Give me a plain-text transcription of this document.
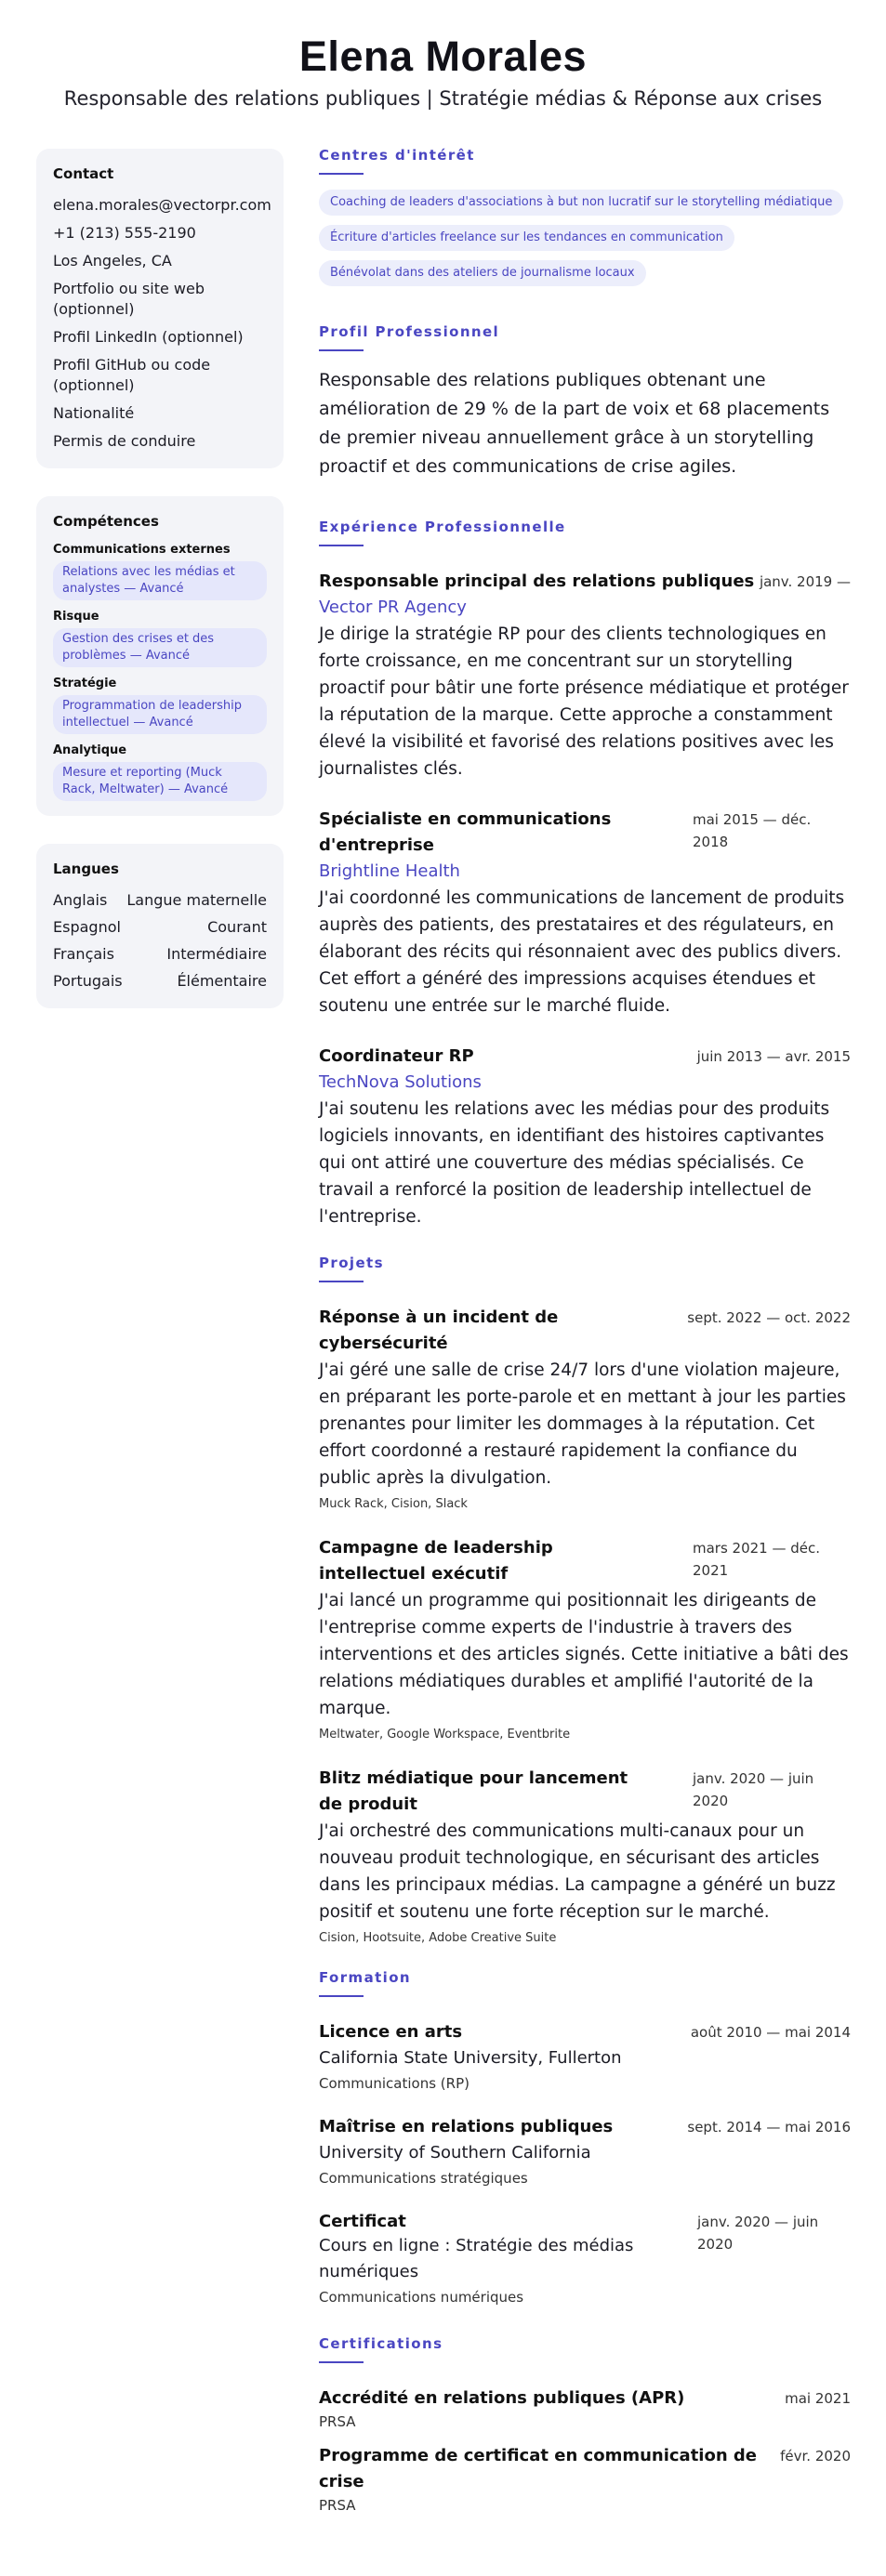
Elena Morales
Responsable des relations publiques | Stratégie médias & Réponse aux crises
Contact
elena.morales@vectorpr.com
+1 (213) 555-2190
Los Angeles, CA
Portfolio ou site web (optionnel)
Profil LinkedIn (optionnel)
Profil GitHub ou code (optionnel)
Nationalité
Permis de conduire
Compétences
Communications externes
Relations avec les médias et analystes — Avancé
Risque
Gestion des crises et des problèmes — Avancé
Stratégie
Programmation de leadership intellectuel — Avancé
Analytique
Mesure et reporting (Muck Rack, Meltwater) — Avancé
Langues
Anglais Langue maternelle
Espagnol	Courant
Français	Intermédiaire
Portugais	Élémentaire
Centres d'intérêt
Coaching de leaders d'associations à but non lucratif sur le storytelling médiatique
Écriture d'articles freelance sur les tendances en communication
Bénévolat dans des ateliers de journalisme locaux
Profil Professionnel
Responsable des relations publiques obtenant une amélioration de 29 % de la part de voix et 68 placements de premier niveau annuellement grâce à un storytelling proactif et des communications de crise agiles.
Expérience Professionnelle
Responsable principal des relations publiques janv. 2019 —
Vector PR Agency
Je dirige la stratégie RP pour des clients technologiques en forte croissance, en me concentrant sur un storytelling proactif pour bâtir une forte présence médiatique et protéger la réputation de la marque. Cette approche a constamment élevé la visibilité et favorisé des relations positives avec les journalistes clés.
Spécialiste en communications d'entreprise
mai 2015 — déc. 2018
Brightline Health
J'ai coordonné les communications de lancement de produits auprès des patients, des prestataires et des régulateurs, en élaborant des récits qui résonnaient avec des publics divers. Cet effort a généré des impressions acquises étendues et soutenu une entrée sur le marché fluide.
Coordinateur RP	juin 2013 — avr. 2015
TechNova Solutions
J'ai soutenu les relations avec les médias pour des produits logiciels innovants, en identifiant des histoires captivantes qui ont attiré une couverture des médias spécialisés. Ce travail a renforcé la position de leadership intellectuel de l'entreprise.
Projets
Réponse à un incident de cybersécurité
sept. 2022 — oct. 2022
J'ai géré une salle de crise 24/7 lors d'une violation majeure, en préparant les porte-parole et en mettant à jour les parties prenantes pour limiter les dommages à la réputation. Cet effort coordonné a restauré rapidement la confiance du public après la divulgation.
Muck Rack, Cision, Slack
Campagne de leadership intellectuel exécutif
mars 2021 — déc. 2021
J'ai lancé un programme qui positionnait les dirigeants de l'entreprise comme experts de l'industrie à travers des interventions et des articles signés. Cette initiative a bâti des relations médiatiques durables et amplifié l'autorité de la marque.
Meltwater, Google Workspace, Eventbrite
Blitz médiatique pour lancement de produit
janv. 2020 — juin 2020
J'ai orchestré des communications multi-canaux pour un nouveau produit technologique, en sécurisant des articles dans les principaux médias. La campagne a généré un buzz positif et soutenu une forte réception sur le marché.
Cision, Hootsuite, Adobe Creative Suite
Formation
Licence en arts	août 2010 — mai 2014
California State University, Fullerton
Communications (RP)
Maîtrise en relations publiques	sept. 2014 — mai 2016
University of Southern California
Communications stratégiques
Certificat	janv. 2020 — juin 2020
Cours en ligne : Stratégie des médias numériques
Communications numériques
Certifications
Accrédité en relations publiques (APR)	mai 2021
PRSA
Programme de certificat en communication de crise
févr. 2020
PRSA
